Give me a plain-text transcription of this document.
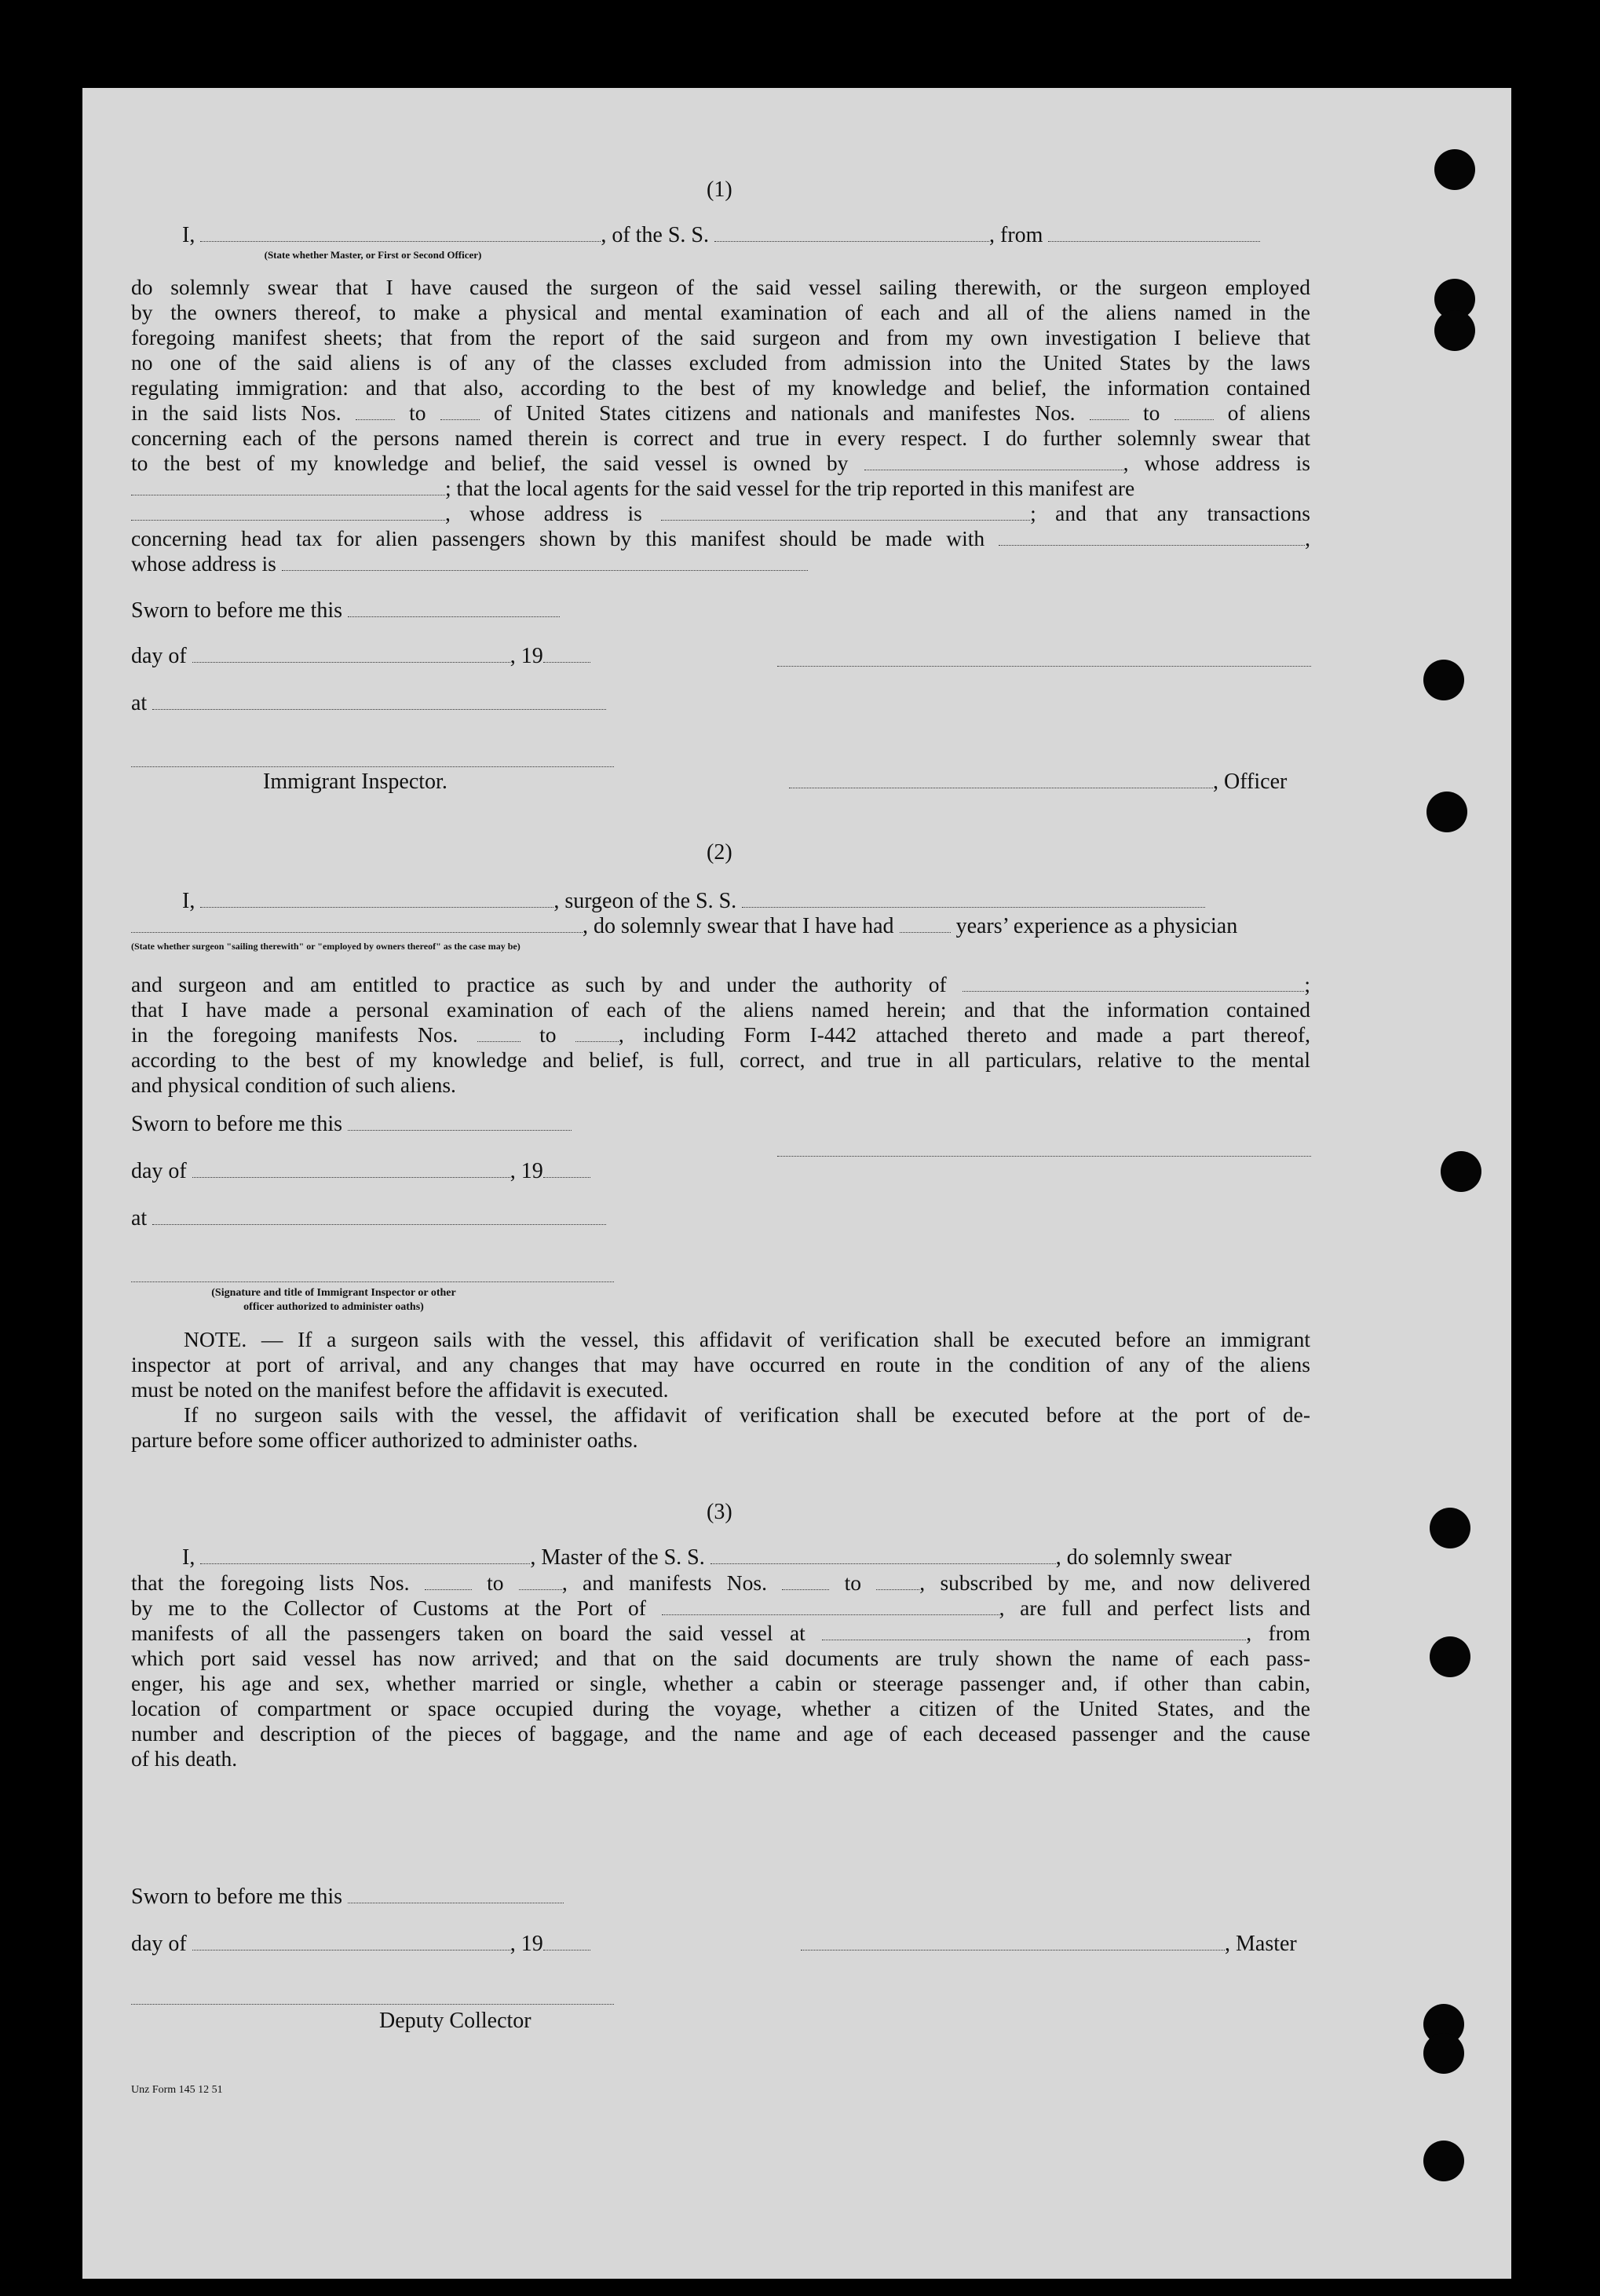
(1)
I,	, of the S. S.	, from
(State whether Master, or First or Second Officer)
do solemnly swear that I have caused the surgeon of the said vessel sailing therewith, or the surgeon employed
by the owners thereof, to make a physical and mental examination of each and all of the aliens named in the
foregoing manifest sheets; that from the report of the said surgeon and from my own investigation I believe that
no one of the said aliens is of any of the classes excluded from admission into the United States by the laws
regulating immigration: and that also, according to the best of my knowledge and belief, the information contained
in the said lists Nos.	to	of United States citizens and nationals and manifestes Nos.	to	of aliens
concerning each of the persons named therein is correct and true in every respect. I do further solemnly swear that
to the best of my knowledge and belief, the said vessel is owned by	, whose address is
; that the local agents for the said vessel for the trip reported in this manifest are
, whose address is	; and that any transactions
concerning head tax for alien passengers shown by this manifest should be made with	,
whose address is
Sworn to before me this
day of	, 19
at
Immigrant Inspector.	, Officer
(2)
I,	, surgeon of the S. S.
, do solemnly swear that I have had	years’ experience as a physician
(State whether surgeon "sailing therewith" or "employed by owners thereof" as the case may be)
and surgeon and am entitled to practice as such by and under the authority of	;
that I have made a personal examination of each of the aliens named herein; and that the information contained
in the foregoing manifests Nos.	to	, including Form I-442 attached thereto and made a part thereof,
according to the best of my knowledge and belief, is full, correct, and true in all particulars, relative to the mental
and physical condition of such aliens.
Sworn to before me this
day of	, 19
at
(Signature and title of Immigrant Inspector or other
officer authorized to administer oaths)
NOTE. — If a surgeon sails with the vessel, this affidavit of verification shall be executed before an immigrant
inspector at port of arrival, and any changes that may have occurred en route in the condition of any of the aliens
must be noted on the manifest before the affidavit is executed.
If no surgeon sails with the vessel, the affidavit of verification shall be executed before at the port of de-
parture before some officer authorized to administer oaths.
(3)
I,	, Master of the S. S.	, do solemnly swear
that the foregoing lists Nos.	to	, and manifests Nos.	to	, subscribed by me, and now delivered
by me to the Collector of Customs at the Port of	, are full and perfect lists and
manifests of all the passengers taken on board the said vessel at	, from
which port said vessel has now arrived; and that on the said documents are truly shown the name of each pass-
enger, his age and sex, whether married or single, whether a cabin or steerage passenger and, if other than cabin,
location of compartment or space occupied during the voyage, whether a citizen of the United States, and the
number and description of the pieces of baggage, and the name and age of each deceased passenger and the cause
of his death.
Sworn to before me this
day of	, 19	, Master
Deputy Collector
Unz Form 145 12 51
